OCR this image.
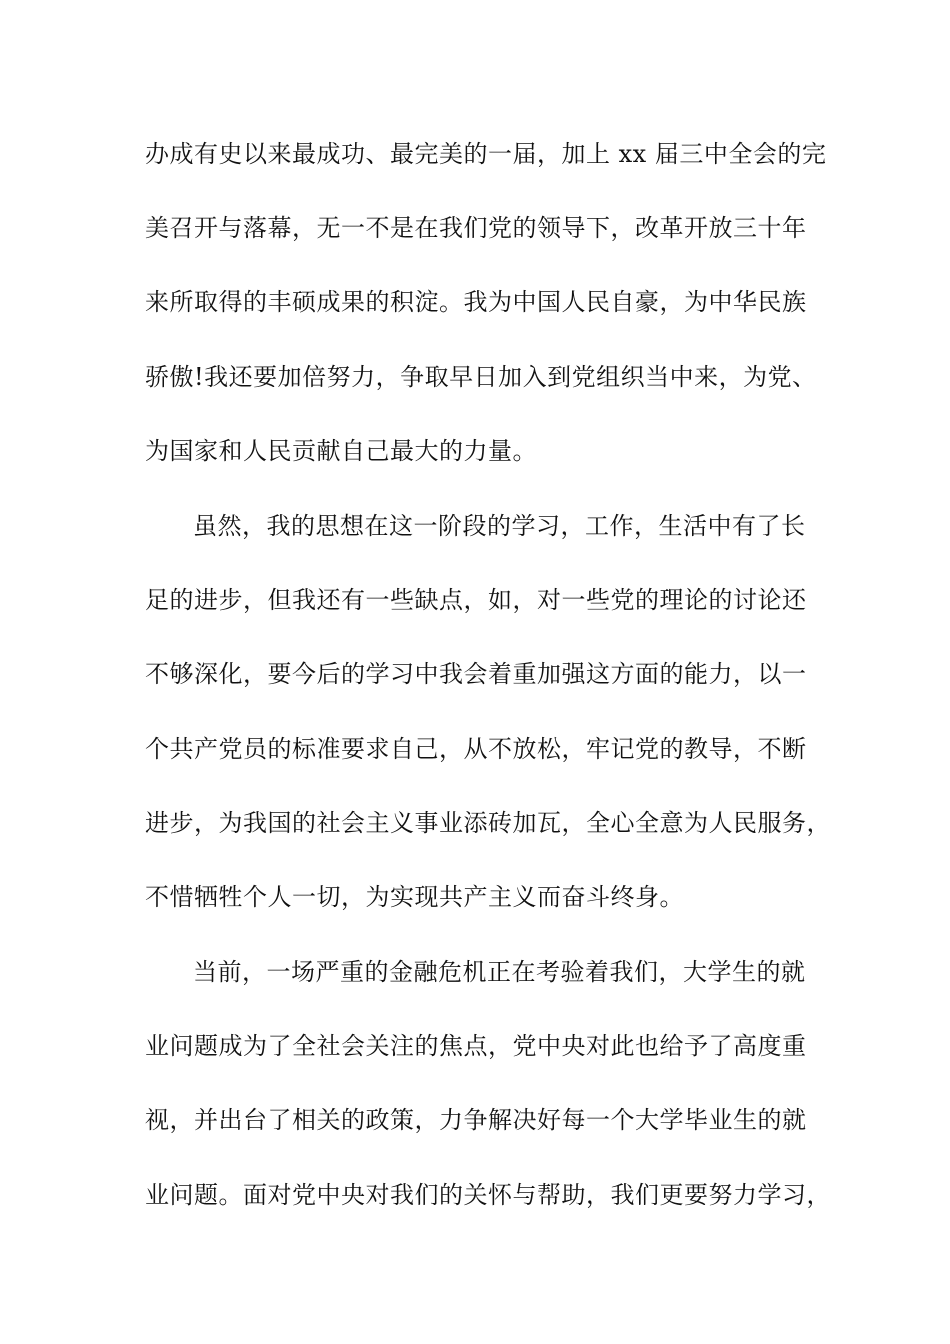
办成有史以来最成功、最完美的一届，加上 xx 届三中全会的完
美召开与落幕，无一不是在我们党的领导下，改革开放三十年
来所取得的丰硕成果的积淀。我为中国人民自豪，为中华民族
骄傲!我还要加倍努力，争取早日加入到党组织当中来，为党、
为国家和人民贡献自己最大的力量。
虽然，我的思想在这一阶段的学习，工作，生活中有了长
足的进步，但我还有一些缺点，如，对一些党的理论的讨论还
不够深化，要今后的学习中我会着重加强这方面的能力，以一
个共产党员的标准要求自己，从不放松，牢记党的教导，不断
进步，为我国的社会主义事业添砖加瓦，全心全意为人民服务，
不惜牺牲个人一切，为实现共产主义而奋斗终身。
当前，一场严重的金融危机正在考验着我们，大学生的就
业问题成为了全社会关注的焦点，党中央对此也给予了高度重
视，并出台了相关的政策，力争解决好每一个大学毕业生的就
业问题。面对党中央对我们的关怀与帮助，我们更要努力学习，
